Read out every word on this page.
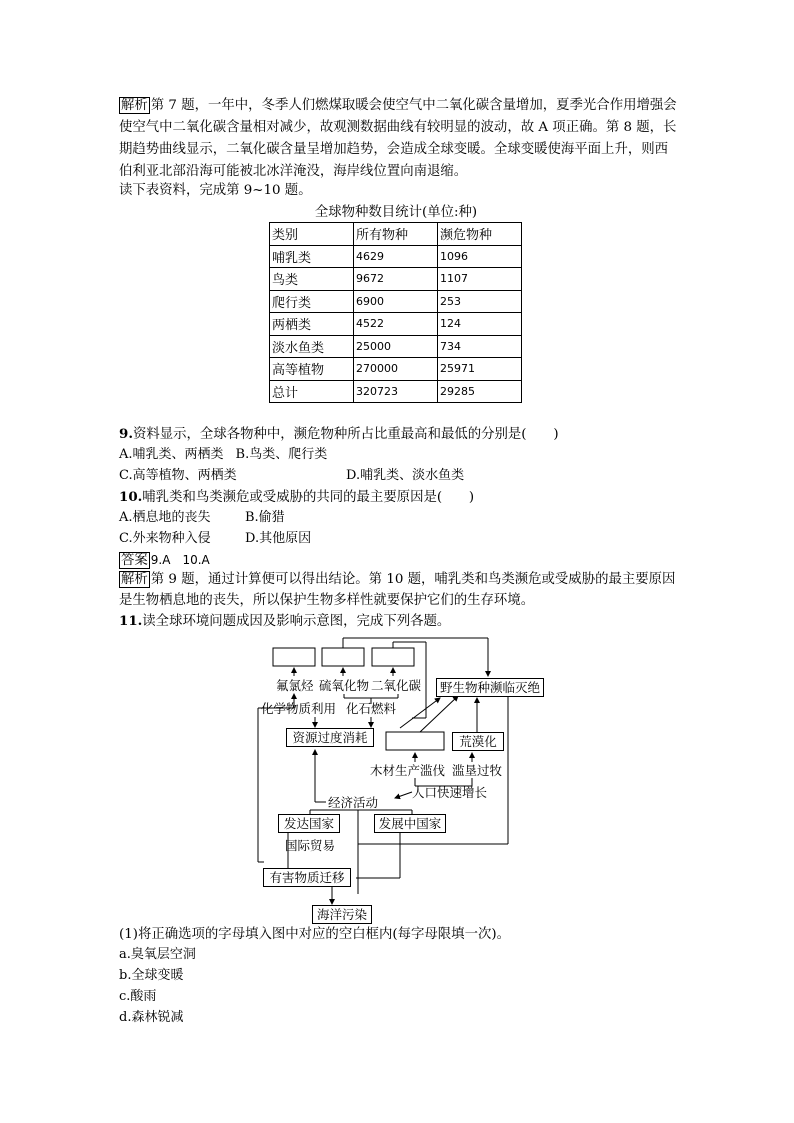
解析 第 7 题，一年中，冬季人们燃煤取暖会使空气中二氧化碳含量增加，夏季光合作用增强会
使空气中二氧化碳含量相对减少，故观测数据曲线有较明显的波动，故 A 项正确。第 8 题，长
期趋势曲线显示，二氧化碳含量呈增加趋势，会造成全球变暖。全球变暖使海平面上升，则西
伯利亚北部沿海可能被北冰洋淹没，海岸线位置向南退缩。
读下表资料，完成第 9~10 题。
全球物种数目统计(单位:种)
类别	所有物种	濒危物种
哺乳类	4629	1096
鸟类	9672	1107
爬行类	6900	253
两栖类	4522	124
淡水鱼类	25000	734
高等植物	270000	25971
总计	320723	29285
9.资料显示，全球各物种中，濒危物种所占比重最高和最低的分别是(　　)
A.哺乳类、两栖类 B.鸟类、爬行类
C.高等植物、两栖类	D.哺乳类、淡水鱼类
10.哺乳类和鸟类濒危或受威胁的共同的最主要原因是(　　)
A.栖息地的丧失	B.偷猎
C.外来物种入侵	D.其他原因
答案 9.A　10.A
解析 第 9 题，通过计算便可以得出结论。第 10 题，哺乳类和鸟类濒危或受威胁的最主要原因
是生物栖息地的丧失，所以保护生物多样性就要保护它们的生存环境。
11.读全球环境问题成因及影响示意图，完成下列各题。
氟氯烃 硫氧化物 二氧化碳	野生物种濒临灭绝
化学物质利用 化石燃料
资源过度消耗	荒漠化
木材生产滥伐 滥垦过牧
人口快速增长
经济活动
发达国家	发展中国家
国际贸易
有害物质迁移
海洋污染
(1)将正确选项的字母填入图中对应的空白框内(每字母限填一次)。
a.臭氧层空洞
b.全球变暖
c.酸雨
d.森林锐减
